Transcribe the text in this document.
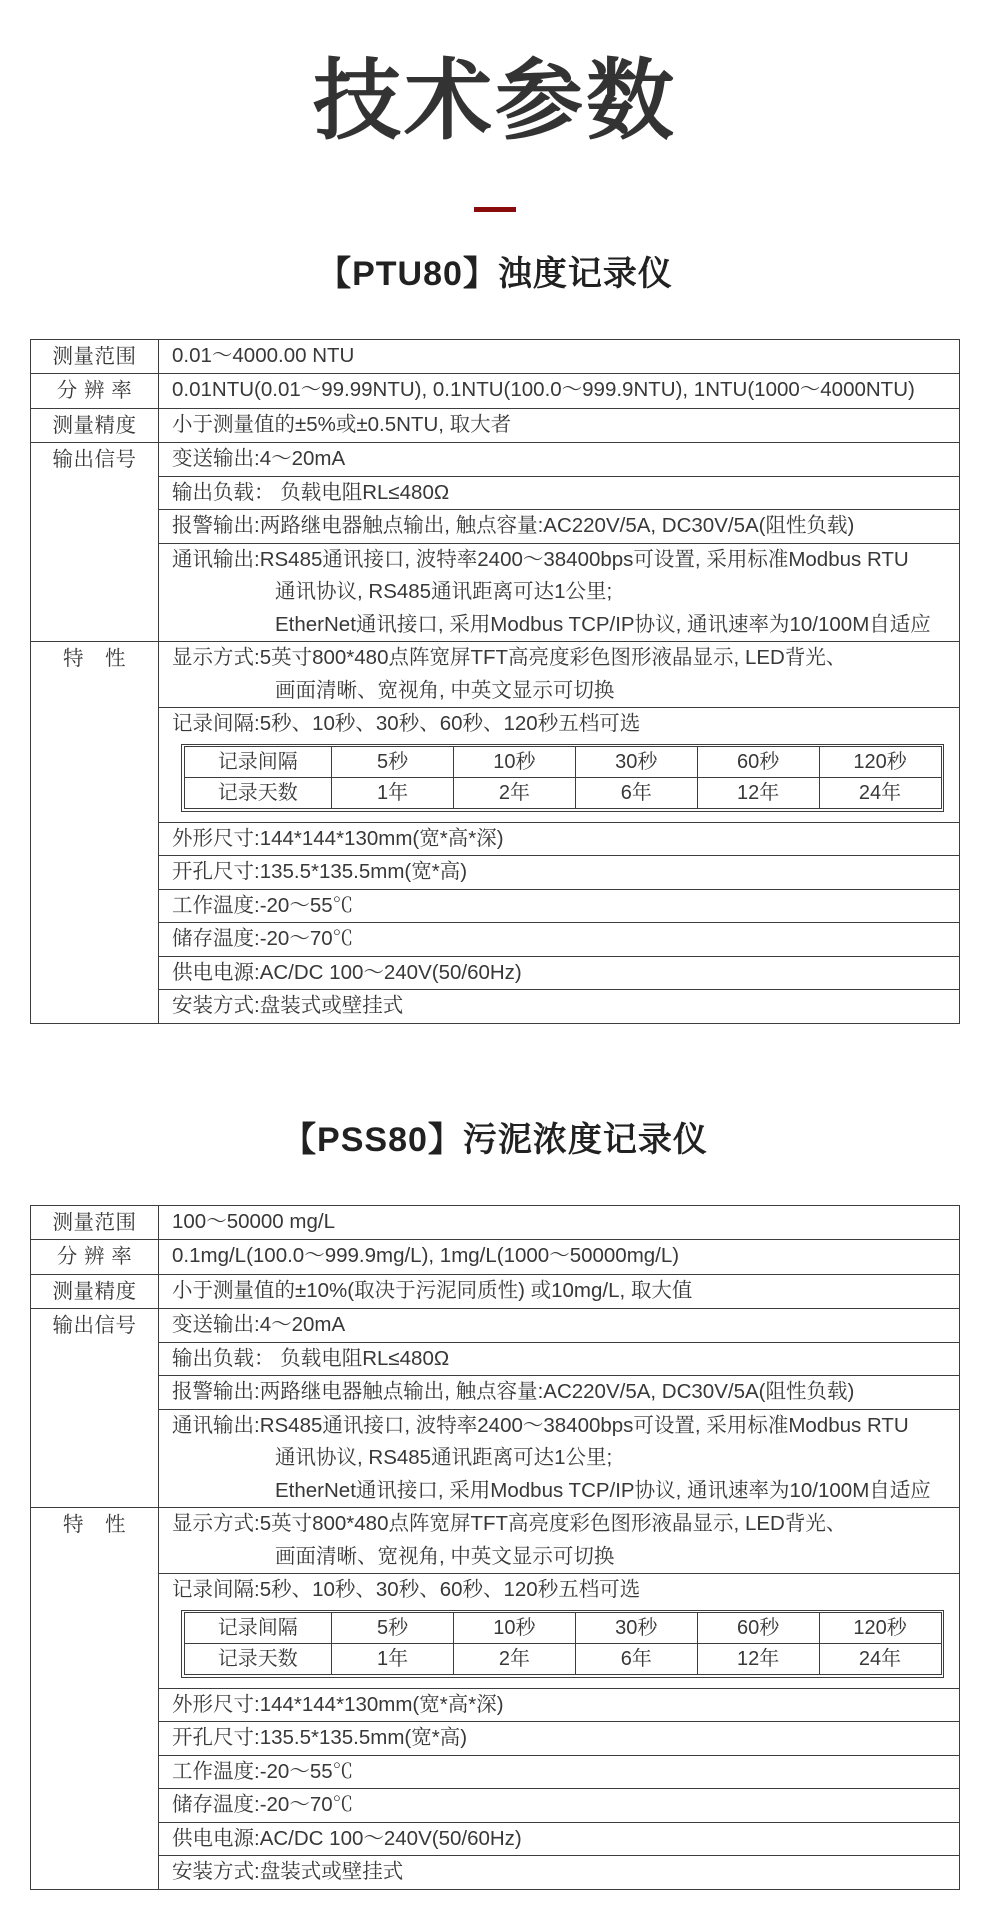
技术参数
【PTU80】浊度记录仪
测量范围	0.01～4000.00 NTU

分 辨 率	0.01NTU(0.01～99.99NTU), 0.1NTU(100.0～999.9NTU), 1NTU(1000～4000NTU)

测量精度	小于测量值的±5%或±0.5NTU, 取大者

输出信号	变送输出:4～20mA

输出负载： 负载电阻RL≤480Ω

报警输出:两路继电器触点输出, 触点容量:AC220V/5A, DC30V/5A(阻性负载)

通讯输出:RS485通讯接口, 波特率2400～38400bps可设置, 采用标准Modbus RTU
通讯协议, RS485通讯距离可达1公里;
EtherNet通讯接口, 采用Modbus TCP/IP协议, 通讯速率为10/100M自适应

特　性	显示方式:5英寸800*480点阵宽屏TFT高亮度彩色图形液晶显示, LED背光、
画面清晰、宽视角, 中英文显示可切换

记录间隔:5秒、10秒、30秒、60秒、120秒五档可选
记录间隔	5秒	10秒	30秒	60秒	120秒
记录天数	1年	2年	6年	12年	24年

外形尺寸:144*144*130mm(宽*高*深)

开孔尺寸:135.5*135.5mm(宽*高)

工作温度:-20～55℃

储存温度:-20～70℃

供电电源:AC/DC 100～240V(50/60Hz)

安装方式:盘装式或壁挂式
【PSS80】污泥浓度记录仪
测量范围	100～50000 mg/L

分 辨 率	0.1mg/L(100.0～999.9mg/L), 1mg/L(1000～50000mg/L)

测量精度	小于测量值的±10%(取决于污泥同质性) 或10mg/L, 取大值

输出信号	变送输出:4～20mA

输出负载： 负载电阻RL≤480Ω

报警输出:两路继电器触点输出, 触点容量:AC220V/5A, DC30V/5A(阻性负载)

通讯输出:RS485通讯接口, 波特率2400～38400bps可设置, 采用标准Modbus RTU
通讯协议, RS485通讯距离可达1公里;
EtherNet通讯接口, 采用Modbus TCP/IP协议, 通讯速率为10/100M自适应

特　性	显示方式:5英寸800*480点阵宽屏TFT高亮度彩色图形液晶显示, LED背光、
画面清晰、宽视角, 中英文显示可切换

记录间隔:5秒、10秒、30秒、60秒、120秒五档可选
记录间隔	5秒	10秒	30秒	60秒	120秒
记录天数	1年	2年	6年	12年	24年

外形尺寸:144*144*130mm(宽*高*深)

开孔尺寸:135.5*135.5mm(宽*高)

工作温度:-20～55℃

储存温度:-20～70℃

供电电源:AC/DC 100～240V(50/60Hz)

安装方式:盘装式或壁挂式
